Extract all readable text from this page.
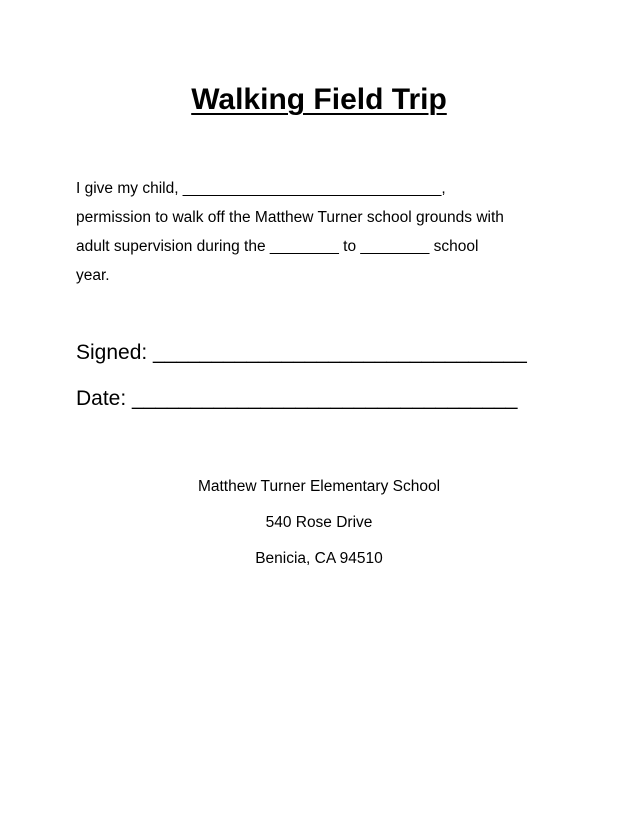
Walking Field Trip
I give my child, ______________________________,
permission to walk off the Matthew Turner school grounds with
adult supervision during the ________ to ________ school
year.
Signed: ________________________________
Date: _________________________________
Matthew Turner Elementary School
540 Rose Drive
Benicia, CA 94510
